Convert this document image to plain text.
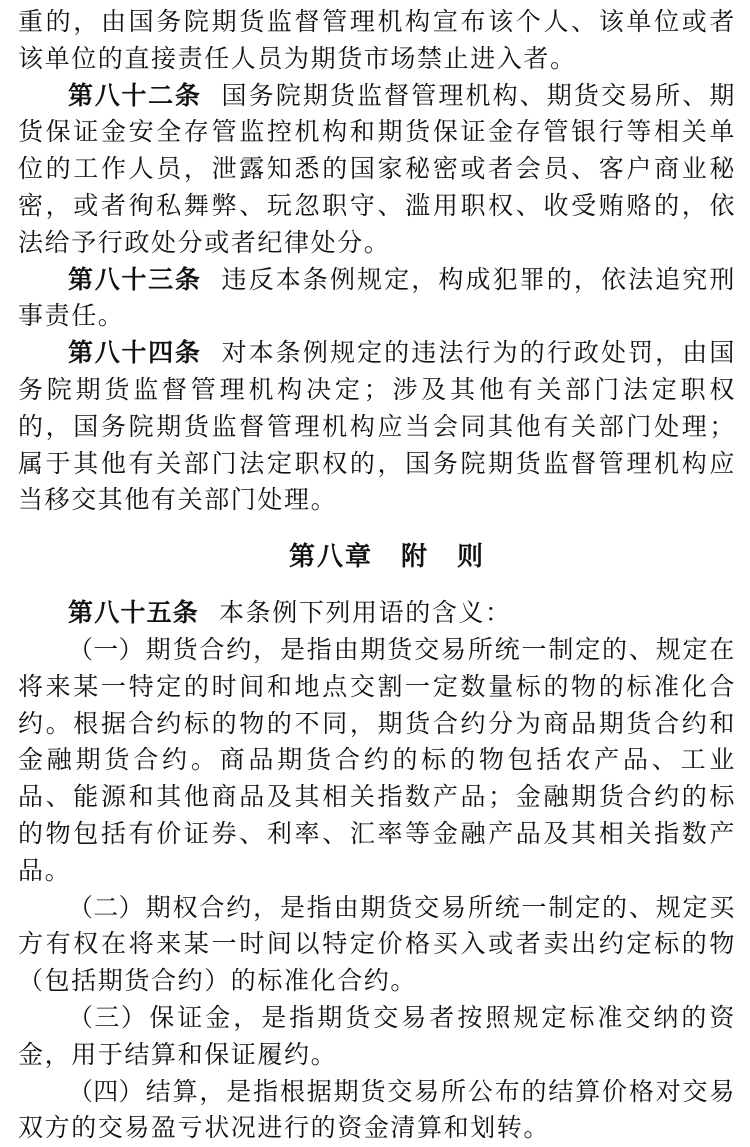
重的，由国务院期货监督管理机构宣布该个人、该单位或者该单位的直接责任人员为期货市场禁止进入者。

第八十二条 国务院期货监督管理机构、期货交易所、期货保证金安全存管监控机构和期货保证金存管银行等相关单位的工作人员，泄露知悉的国家秘密或者会员、客户商业秘密，或者徇私舞弊、玩忽职守、滥用职权、收受贿赂的，依法给予行政处分或者纪律处分。

第八十三条 违反本条例规定，构成犯罪的，依法追究刑事责任。

第八十四条 对本条例规定的违法行为的行政处罚，由国务院期货监督管理机构决定；涉及其他有关部门法定职权的，国务院期货监督管理机构应当会同其他有关部门处理；属于其他有关部门法定职权的，国务院期货监督管理机构应当移交其他有关部门处理。

第八章 附　则

第八十五条 本条例下列用语的含义：

（一）期货合约，是指由期货交易所统一制定的、规定在将来某一特定的时间和地点交割一定数量标的物的标准化合约。根据合约标的物的不同，期货合约分为商品期货合约和金融期货合约。商品期货合约的标的物包括农产品、工业品、能源和其他商品及其相关指数产品；金融期货合约的标的物包括有价证券、利率、汇率等金融产品及其相关指数产品。

（二）期权合约，是指由期货交易所统一制定的、规定买方有权在将来某一时间以特定价格买入或者卖出约定标的物（包括期货合约）的标准化合约。

（三）保证金，是指期货交易者按照规定标准交纳的资金，用于结算和保证履约。

（四）结算，是指根据期货交易所公布的结算价格对交易双方的交易盈亏状况进行的资金清算和划转。
